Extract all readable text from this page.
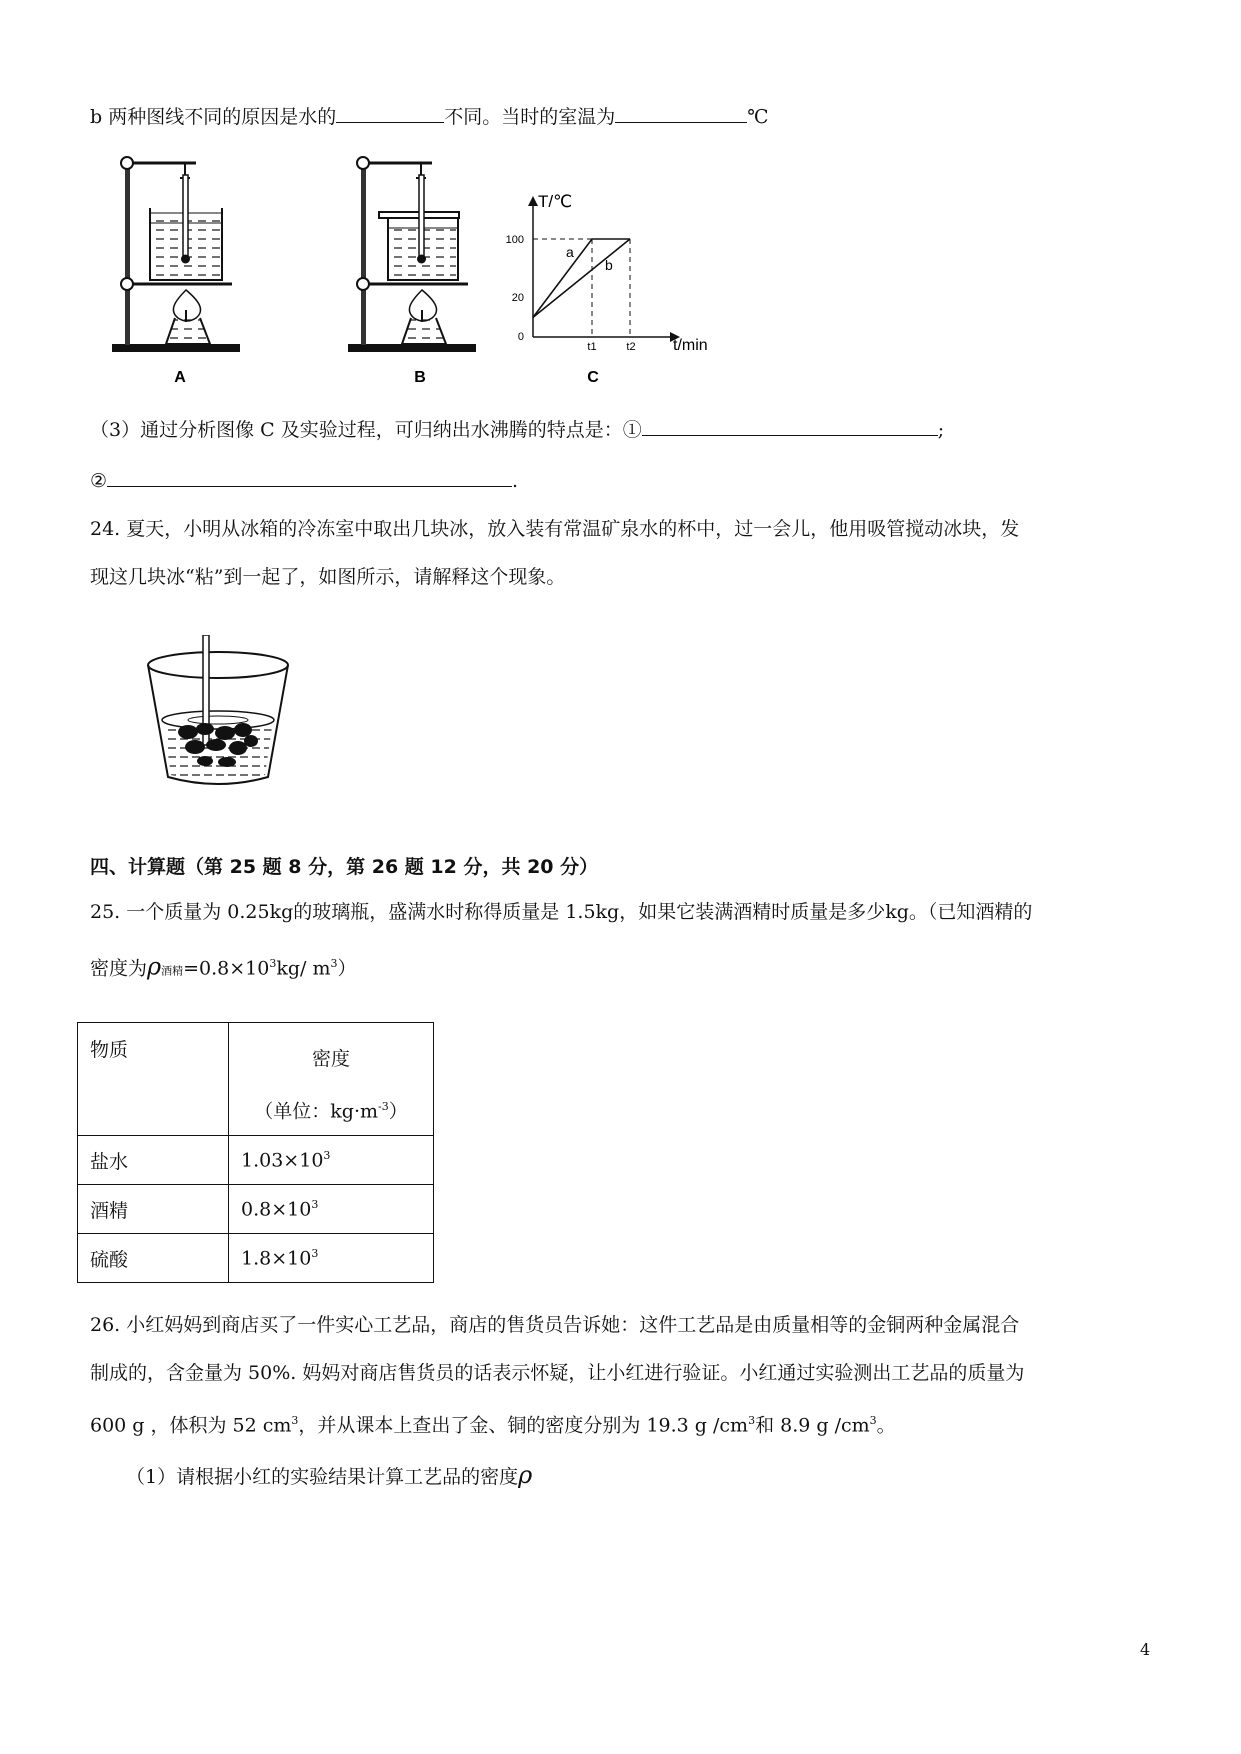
b 两种图线不同的原因是水的	不同。当时的室温为	℃
A	B
T/℃
t/min
100
20
0
t1	t2
a
b
C
（3）通过分析图像 C 及实验过程，可归纳出水沸腾的特点是：①	;
②	.
24. 夏天，小明从冰箱的冷冻室中取出几块冰，放入装有常温矿泉水的杯中，过一会儿，他用吸管搅动冰块，发
现这几块冰“粘”到一起了，如图所示，请解释这个现象。
四、计算题（第 25 题 8 分，第 26 题 12 分，共 20 分）
25. 一个质量为 0.25kg的玻璃瓶，盛满水时称得质量是 1.5kg，如果它装满酒精时质量是多少kg。（已知酒精的
密度为ρ酒精$=0.8\times 10^3kg/$ $m^3$）
物质	密度
（单位：$kg\cdot m^{-3}$）

盐水	$1.03\times 10^3$
酒精	$0.8\times 10^3$
硫酸	$1.8\times 10^3$
26. 小红妈妈到商店买了一件实心工艺品，商店的售货员告诉她：这件工艺品是由质量相等的金铜两种金属混合
制成的，含金量为 50%. 妈妈对商店售货员的话表示怀疑，让小红进行验证。小红通过实验测出工艺品的质量为
600 g ，体积为 52 $cm^3$，并从课本上查出了金、铜的密度分别为 19.3 g $/cm^3$和 8.9 g $/cm^3$。
（1）请根据小红的实验结果计算工艺品的密度ρ
4
